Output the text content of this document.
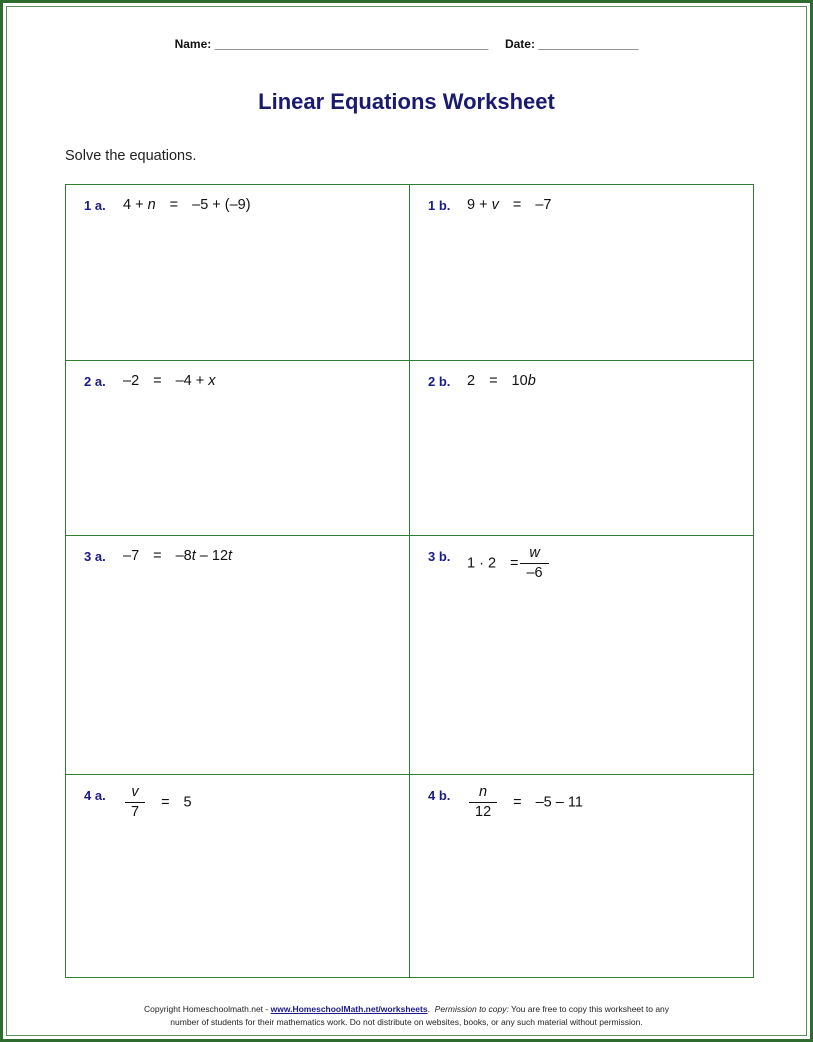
Name: _________________________________________ Date: _______________
Linear Equations Worksheet
Solve the equations.
1 a. 4 + n = –5 + (–9)	1 b. 9 + v = –7
2 a. –2 = –4 + x	2 b. 2 = 10b
3 a. –7 = –8t – 12t	3 b. $1 \cdot 2 = \frac{w}{-6}$
4 a. $\frac{v}{7} = 5$	4 b. $\frac{n}{12} = -5 - 11$
Copyright Homeschoolmath.net - www.HomeschoolMath.net/worksheets. Permission to copy: You are free to copy this worksheet to any
number of students for their mathematics work. Do not distribute on websites, books, or any such material without permission.
